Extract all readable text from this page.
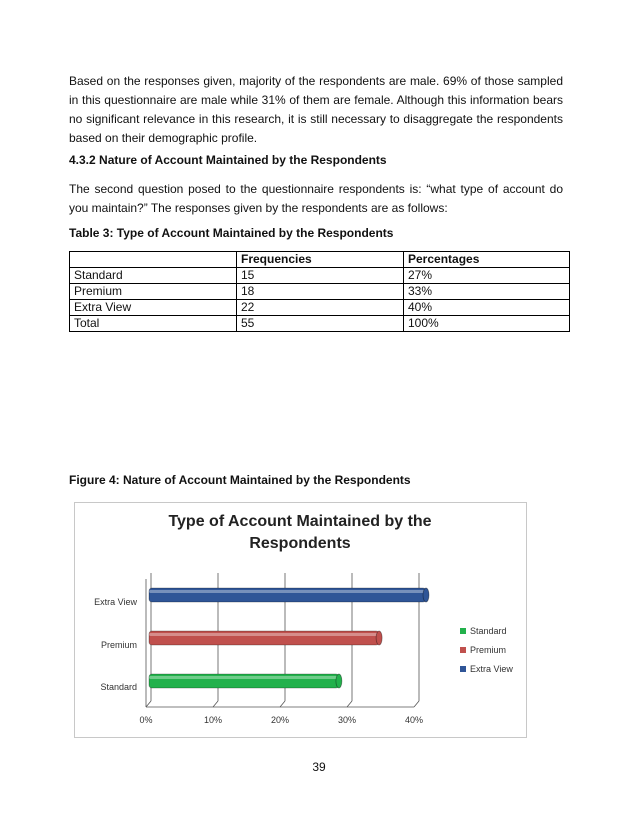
Based on the responses given, majority of the respondents are male. 69% of those sampled in this questionnaire are male while 31% of them are female. Although this information bears no significant relevance in this research, it is still necessary to disaggregate the respondents based on their demographic profile.

4.3.2 Nature of Account Maintained by the Respondents

The second question posed to the questionnaire respondents is: “what type of account do you maintain?” The responses given by the respondents are as follows:

Table 3: Type of Account Maintained by the Respondents

	Frequencies	Percentages
Standard	15	27%
Premium	18	33%
Extra View	22	40%
Total	55	100%

Figure 4: Nature of Account Maintained by the Respondents

Type of Account Maintained by the Respondents
Extra View
Premium
Standard
0%	10%	20%	30%	40%
Standard
Premium
Extra View
39
